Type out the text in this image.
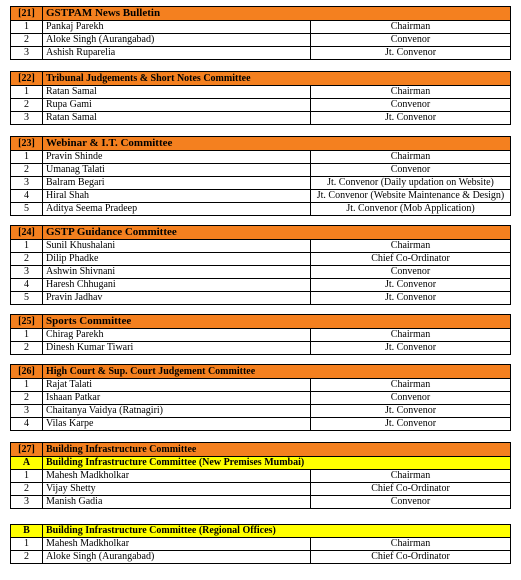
[21]	GSTPAM News Bulletin	
1	Pankaj Parekh	Chairman
2	Aloke Singh (Aurangabad)	Convenor
3	Ashish Ruparelia	Jt. Convenor
[22]	Tribunal Judgements & Short Notes Committee	
1	Ratan Samal	Chairman
2	Rupa Gami	Convenor
3	Ratan Samal	Jt. Convenor
[23]	Webinar & I.T. Committee	
1	Pravin Shinde	Chairman
2	Umanag Talati	Convenor
3	Balram Begari	Jt. Convenor (Daily updation on Website)
4	Hiral Shah	Jt. Convenor (Website Maintenance & Design)
5	Aditya Seema Pradeep	Jt. Convenor (Mob Application)
[24]	GSTP Guidance Committee	
1	Sunil Khushalani	Chairman
2	Dilip Phadke	Chief Co-Ordinator
3	Ashwin Shivnani	Convenor
4	Haresh Chhugani	Jt. Convenor
5	Pravin Jadhav	Jt. Convenor
[25]	Sports Committee	
1	Chirag Parekh	Chairman
2	Dinesh Kumar Tiwari	Jt. Convenor
[26]	High Court & Sup. Court Judgement Committee	
1	Rajat Talati	Chairman
2	Ishaan Patkar	Convenor
3	Chaitanya Vaidya (Ratnagiri)	Jt. Convenor
4	Vilas Karpe	Jt. Convenor
[27]	Building Infrastructure Committee	
A	Building Infrastructure Committee (New Premises Mumbai)	
1	Mahesh Madkholkar	Chairman
2	Vijay Shetty	Chief Co-Ordinator
3	Manish Gadia	Convenor
B	Building Infrastructure Committee (Regional Offices)	
1	Mahesh Madkholkar	Chairman
2	Aloke Singh (Aurangabad)	Chief Co-Ordinator
